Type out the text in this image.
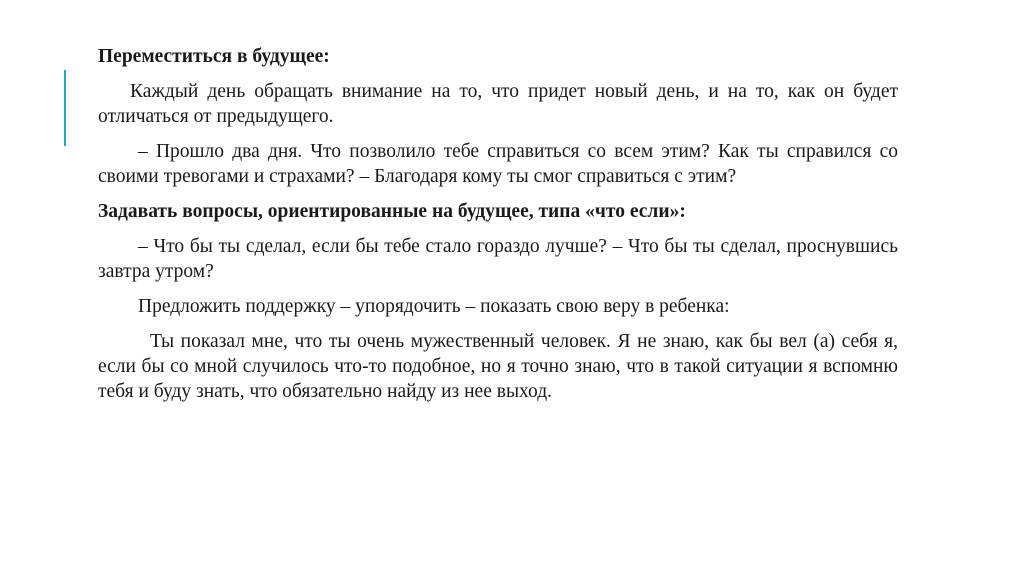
Переместиться в будущее:

Каждый день обращать внимание на то, что придет новый день, и на то, как он будет отличаться от предыдущего.

– Прошло два дня. Что позволило тебе справиться со всем этим? Как ты справился со своими тревогами и страхами? – Благодаря кому ты смог справиться с этим?

Задавать вопросы, ориентированные на будущее, типа «что если»:

– Что бы ты сделал, если бы тебе стало гораздо лучше? – Что бы ты сделал, проснувшись завтра утром?

Предложить поддержку – упорядочить – показать свою веру в ребенка:

Ты показал мне, что ты очень мужественный человек. Я не знаю, как бы вел (а) себя я, если бы со мной случилось что-то подобное, но я точно знаю, что в такой ситуации я вспомню тебя и буду знать, что обязательно найду из нее выход.
